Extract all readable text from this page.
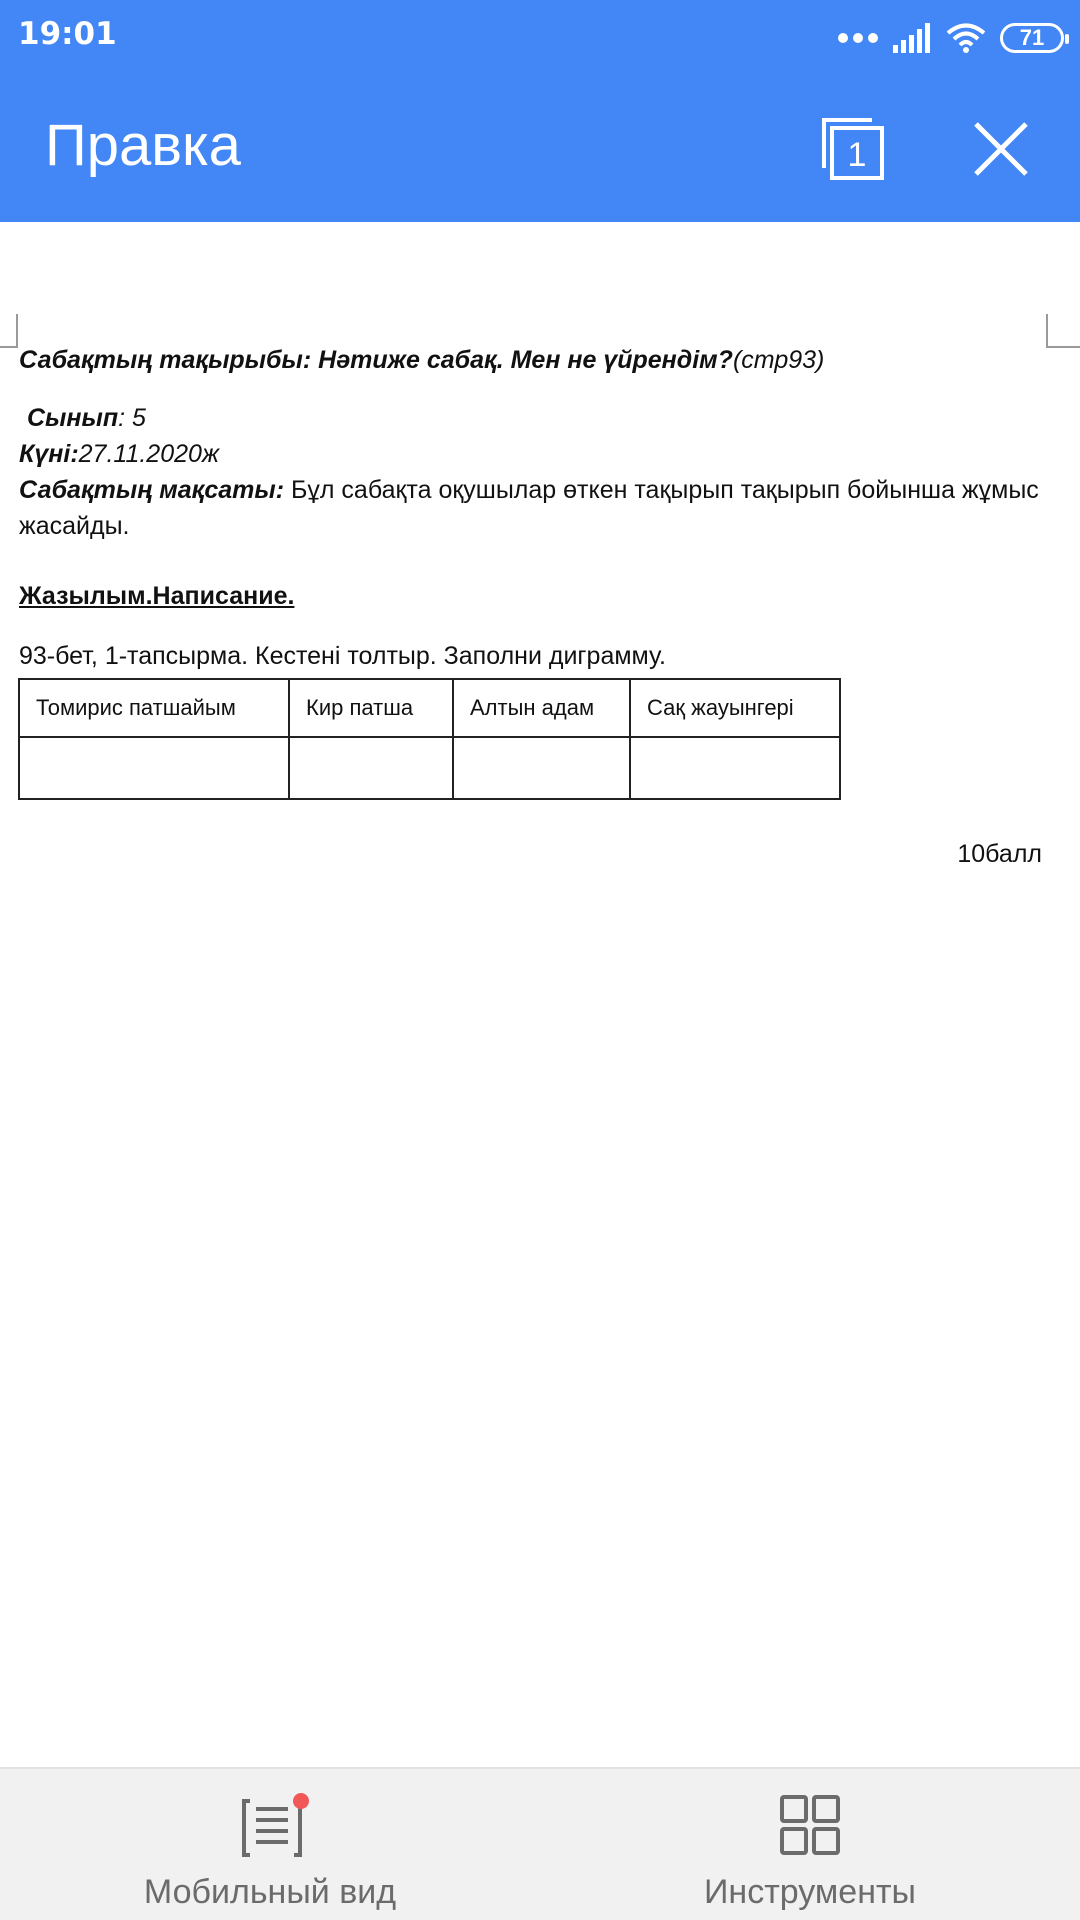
19:01	71
Правка	1
Сабақтың тақырыбы: Нәтиже сабақ. Мен не үйрендім?(стр93)
Сынып: 5
Күні:27.11.2020ж
Сабақтың мақсаты: Бұл сабақта оқушылар өткен тақырып тақырып бойынша жұмыс жасайды.
Жазылым.Написание.
93-бет, 1-тапсырма. Кестені толтыр. Заполни диграмму.
Томирис патшайым	Кир патша	Алтын адам	Сақ жауынгері

10балл
Мобильный вид	Инструменты
